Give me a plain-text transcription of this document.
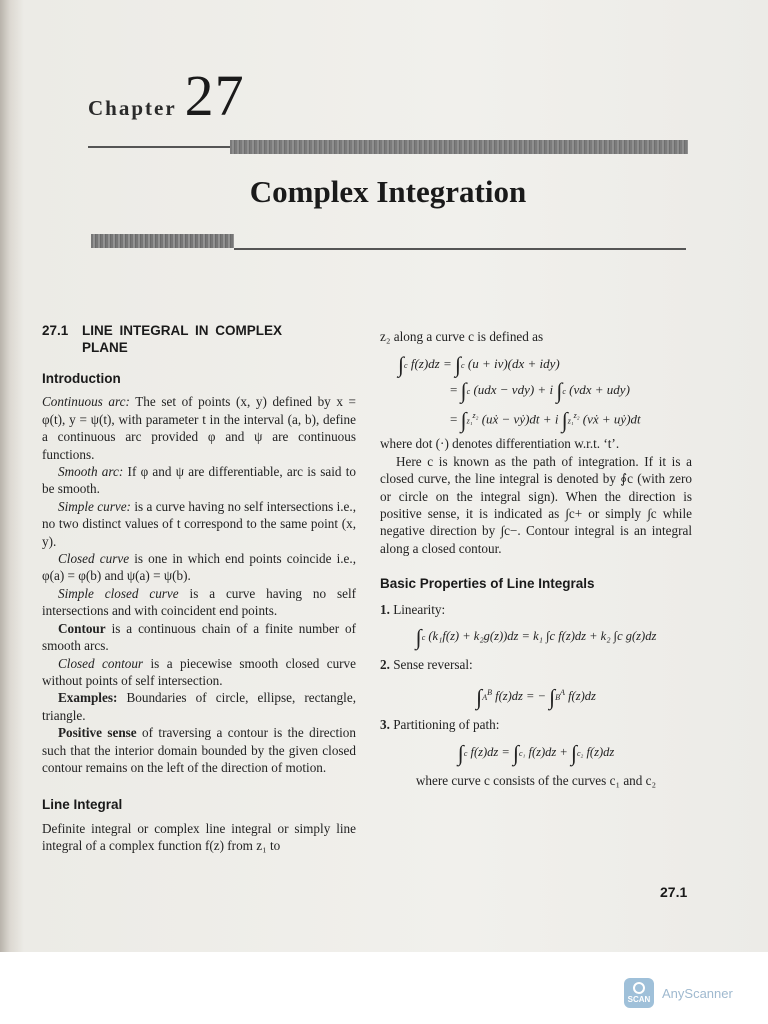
Chapter 27
Complex Integration
27.1 LINE INTEGRAL IN COMPLEX PLANE
Introduction

Continuous arc: The set of points (x, y) defined by x = φ(t), y = ψ(t), with parameter t in the interval (a, b), define a continuous arc provided φ and ψ are continuous functions.

Smooth arc: If φ and ψ are differentiable, arc is said to be smooth.

Simple curve: is a curve having no self intersections i.e., no two distinct values of t correspond to the same point (x, y).

Closed curve is one in which end points coincide i.e., φ(a) = φ(b) and ψ(a) = ψ(b).

Simple closed curve is a curve having no self intersections and with coincident end points.

Contour is a continuous chain of a finite number of smooth arcs.

Closed contour is a piecewise smooth closed curve without points of self intersection.

Examples: Boundaries of circle, ellipse, rectangle, triangle.

Positive sense of traversing a contour is the direction such that the interior domain bounded by the given closed contour remains on the left of the direction of motion.

Line Integral

Definite integral or complex line integral or simply line integral of a complex function f(z) from z₁ to

z₂ along a curve c is defined as

∫c f(z)dz = ∫c (u + iv)(dx + idy)
= ∫c (udx − vdy) + i ∫c (vdx + udy)
= ∫z₁$^{z_2}$ (uẋ − vẏ)dt + i ∫z₁$^{z_2}$ (vẋ + uẏ)dt

where dot (·) denotes differentiation w.r.t. ‘t’.

Here c is known as the path of integration. If it is a closed curve, the line integral is denoted by ∮c (with zero or circle on the integral sign). When the direction is positive sense, it is indicated as ∫c+ or simply ∫c while negative direction by ∫c−. Contour integral is an integral along a closed contour.

Basic Properties of Line Integrals
1. Linearity:
∫c (k₁f(z) + k₂g(z))dz = k₁ ∫c f(z)dz + k₂ ∫c g(z)dz
2. Sense reversal:
$\int A^B$ f(z)dz = − $\int B^A$ f(z)dz
3. Partitioning of path:
∫c f(z)dz = ∫c₁ f(z)dz + ∫c₂ f(z)dz

where curve c consists of the curves c₁ and c₂

27.1
SCAN AnyScanner
